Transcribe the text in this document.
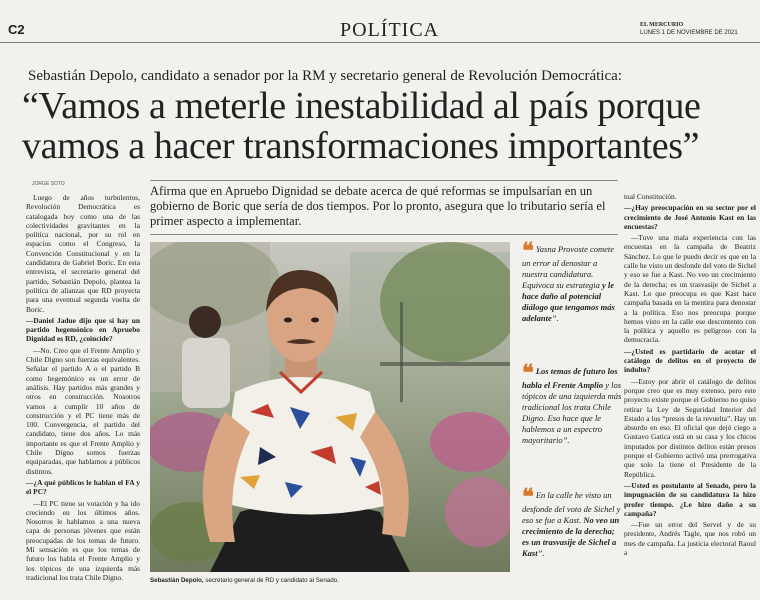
C2	POLÍTICA	EL MERCURIO
LUNES 1 DE NOVIEMBRE DE 2021
Sebastián Depolo, candidato a senador por la RM y secretario general de Revolución Democrática:
“Vamos a meterle inestabilidad al país porque
vamos a hacer transformaciones importantes”
JORGE SOTO

Luego de años turbulentos, Revolución Democrática es catalogada hoy como una de las colectividades gravitantes en la política nacional, por su rol en espacios como el Congreso, la Convención Constitucional y en la candidatura de Gabriel Boric. En esta entrevista, el secretario general del partido, Sebastián Depolo, plantea la política de alianzas que RD proyecta para una eventual segunda vuelta de Boric.

—Daniel Jadue dijo que si hay un partido hegemónico en Apruebo Dignidad es RD, ¿coincide?

—No. Creo que el Frente Amplio y Chile Digno son fuerzas equivalentes. Señalar el partido A o el partido B como hegemónico es un error de análisis. Hay partidos más grandes y otros en construcción. Nosotros vamos a cumplir 10 años de construcción y el PC tiene más de 100. Convergencia, el partido del candidato, tiene dos años. Lo más importante es que el Frente Amplio y Chile Digno somos fuerzas equiparadas, que hablamos a públicos distintos.

—¿A qué públicos le hablan el FA y el PC?

—El PC tiene su votación y ha ido creciendo en los últimos años. Nosotros le hablamos a una nueva capa de personas jóvenes que están preocupadas de los temas de futuro. Mi sensación es que los temas de futuro los habla el Frente Amplio y los tópicos de una izquierda más tradicional los trata Chile Digno.

Afirma que en Apruebo Dignidad se debate acerca de qué reformas se impulsarían en un gobierno de Boric que sería de dos tiempos. Por lo pronto, asegura que lo tributario sería el primer aspecto a implementar.
Sebastián Depolo, secretario general de RD y candidato al Senado.
❝ Yasna Provoste comete un error al denostar a nuestra candidatura. Equivoca su estrategia y le hace daño al potencial diálogo que tengamos más adelante”.
❝ Los temas de futuro los habla el Frente Amplio y los tópicos de una izquierda más tradicional los trata Chile Digno. Eso hace que le hablemos a un espectro mayoritario”.
❝ En la calle he visto un desfonde del voto de Sichel y eso se fue a Kast. No veo un crecimiento de la derecha; es un trasvasije de Sichel a Kast”.

tual Constitución.

—¿Hay preocupación en su sector por el crecimiento de José Antonio Kast en las encuestas?

—Tuve una mala experiencia con las encuestas en la campaña de Beatriz Sánchez. Lo que le puedo decir es que en la calle he visto un desfonde del voto de Sichel y eso se fue a Kast. No veo un crecimiento de la derecha; es un trasvasije de Sichel a Kast. Lo que preocupa es que Kast hace campaña basada en la mentira para denostar a la política. Eso nos preocupa porque hemos visto en la calle ese descontento con la política y aquello es peligroso con la democracia.

—¿Usted es partidario de acotar el catálogo de delitos en el proyecto de indulto?

—Estoy por abrir el catálogo de delitos porque creo que es muy extenso, pero este proyecto existe porque el Gobierno no quiso retirar la Ley de Seguridad Interior del Estado a los “presos de la revuelta”. Hay un absurdo en eso. El oficial que dejó ciego a Gustavo Gatica está en su casa y los chicos imputados por distintos delitos están presos porque el Gobierno activó una prerrogativa que solo la tiene el Presidente de la República.

—Usted es postulante al Senado, pero la impugnación de su candidatura la hizo profer tiempo. ¿Le hizo daño a su campaña?

—Fue un error del Servel y de su presidente, Andrés Tagle, que nos robó un mes de campaña. La justicia electoral Raoul a
